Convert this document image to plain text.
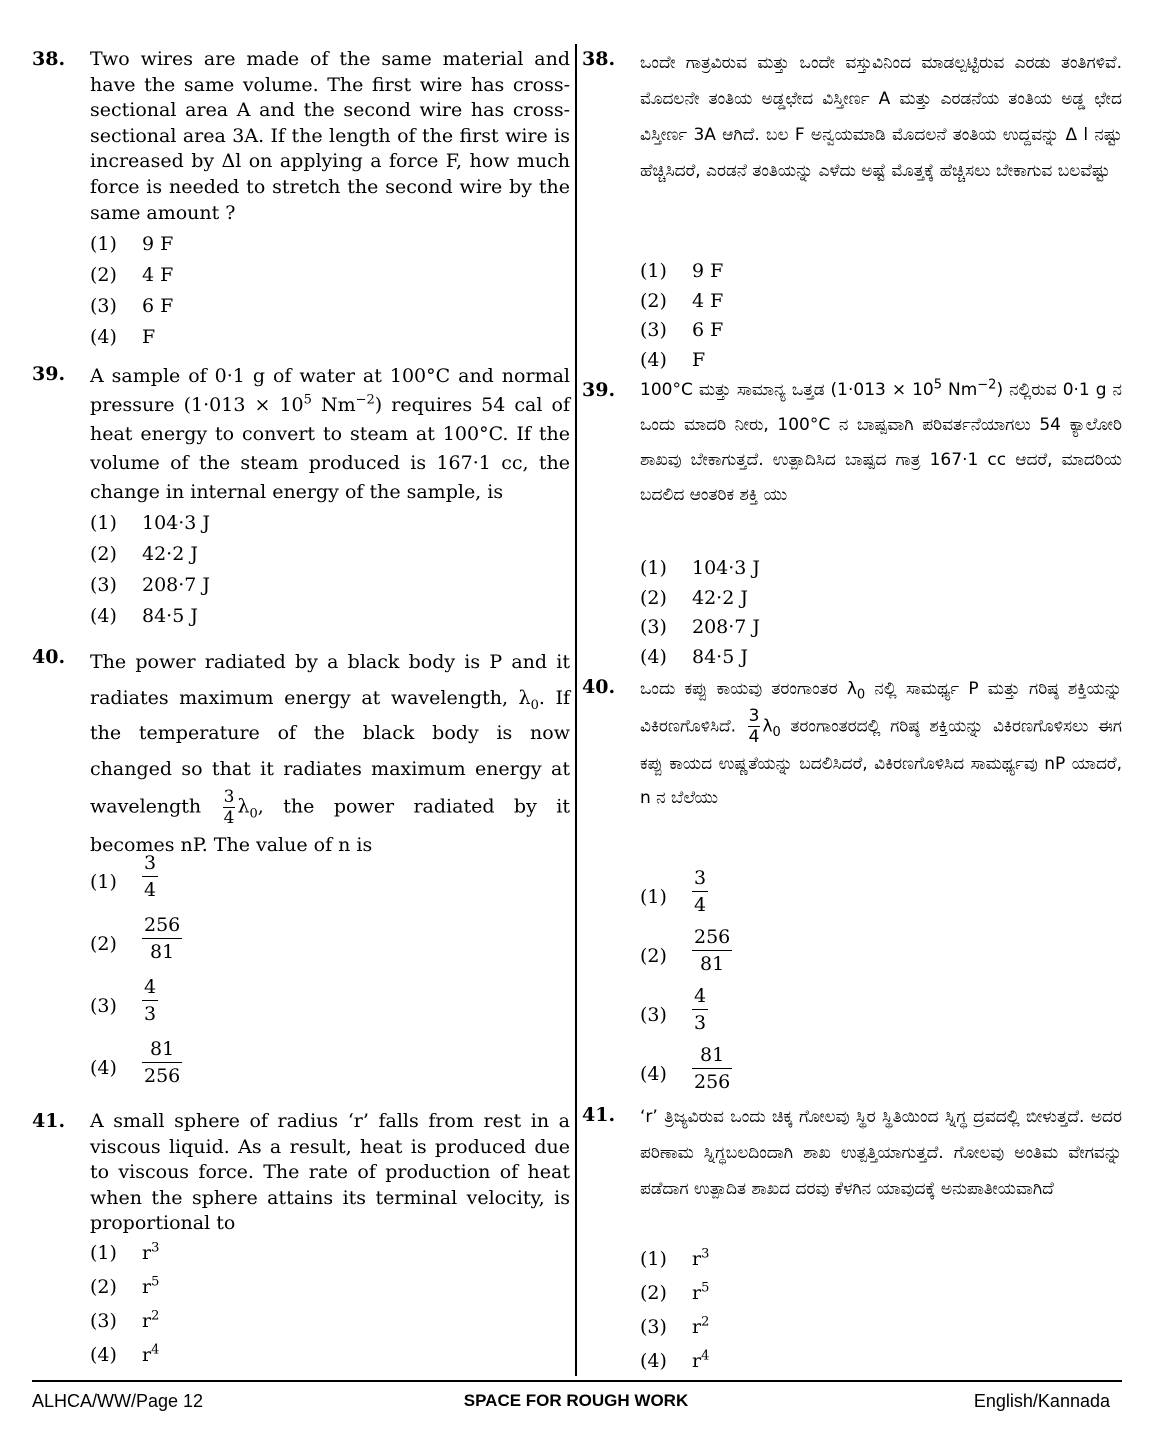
38. Two wires are made of the same material and have the same volume. The first wire has cross-sectional area A and the second wire has cross-sectional area 3A. If the length of the first wire is increased by Δl on applying a force F, how much force is needed to stretch the second wire by the same amount ?
(1)	9 F
(2)	4 F
(3)	6 F
(4)	F
39. A sample of 0·1 g of water at 100°C and normal pressure ($1\cdot 013 \times 10^5$ $Nm^{-2}$) requires 54 cal of heat energy to convert to steam at 100°C. If the volume of the steam produced is 167·1 cc, the change in internal energy of the sample, is
(1)	104·3 J
(2)	42·2 J
(3)	208·7 J
(4)	84·5 J
40. The power radiated by a black body is P and it radiates maximum energy at wavelength, $\lambda_0$. If the temperature of the black body is now changed so that it radiates maximum energy at wavelength $\frac{3}{4} \lambda_0$, the power radiated by it becomes nP. The value of n is
(1)	$\frac{3}{4}$
(2)	$\frac{256}{81}$
(3)	$\frac{4}{3}$
(4)	$\frac{81}{256}$
41. A small sphere of radius ‘r’ falls from rest in a viscous liquid. As a result, heat is produced due to viscous force. The rate of production of heat when the sphere attains its terminal velocity, is proportional to
(1)	$r^3$
(2)	$r^5$
(3)	$r^2$
(4)	$r^4$
38. ಒಂದೇ ಗಾತ್ರವಿರುವ ಮತ್ತು ಒಂದೇ ವಸ್ತುವಿನಿಂದ ಮಾಡಲ್ಪಟ್ಟಿರುವ ಎರಡು ತಂತಿಗಳಿವೆ. ಮೊದಲನೇ ತಂತಿಯ ಅಡ್ಡಛೇದ ವಿಸ್ತೀರ್ಣ A ಮತ್ತು ಎರಡನೆಯ ತಂತಿಯ ಅಡ್ಡ ಛೇದ ವಿಸ್ತೀರ್ಣ 3A ಆಗಿದೆ. ಬಲ F ಅನ್ವಯಮಾಡಿ ಮೊದಲನೆ ತಂತಿಯ ಉದ್ದವನ್ನು Δ l ನಷ್ಟು ಹೆಚ್ಚಿಸಿದರೆ, ಎರಡನೆ ತಂತಿಯನ್ನು ಎಳೆದು ಅಷ್ಟೆ ಮೊತ್ತಕ್ಕೆ ಹೆಚ್ಚಿಸಲು ಬೇಕಾಗುವ ಬಲವೆಷ್ಟು
(1)	9 F
(2)	4 F
(3)	6 F
(4)	F
39. 100°C ಮತ್ತು ಸಾಮಾನ್ಯ ಒತ್ತಡ ($1\cdot 013 \times 10^5$ $Nm^{-2}$) ನಲ್ಲಿರುವ 0·1 g ನ ಒಂದು ಮಾದರಿ ನೀರು, 100°C ನ ಬಾಷ್ಪವಾಗಿ ಪರಿವರ್ತನೆಯಾಗಲು 54 ಕ್ಯಾಲೋರಿ ಶಾಖವು ಬೇಕಾಗುತ್ತದೆ. ಉತ್ಪಾದಿಸಿದ ಬಾಷ್ಪದ ಗಾತ್ರ 167·1 cc ಆದರೆ, ಮಾದರಿಯ ಬದಲಿದ ಆಂತರಿಕ ಶಕ್ತಿ ಯು
(1)	104·3 J
(2)	42·2 J
(3)	208·7 J
(4)	84·5 J
40. ಒಂದು ಕಪ್ಪು ಕಾಯವು ತರಂಗಾಂತರ $\lambda_0$ ನಲ್ಲಿ ಸಾಮರ್ಥ್ಯ P ಮತ್ತು ಗರಿಷ್ಠ ಶಕ್ತಿಯನ್ನು ವಿಕಿರಣಗೊಳಿಸಿದೆ. $\frac{3}{4} \lambda_0$ ತರಂಗಾಂತರದಲ್ಲಿ ಗರಿಷ್ಠ ಶಕ್ತಿಯನ್ನು ವಿಕಿರಣಗೊಳಿಸಲು ಈಗ ಕಪ್ಪು ಕಾಯದ ಉಷ್ಣತೆಯನ್ನು ಬದಲಿಸಿದರೆ, ವಿಕಿರಣಗೊಳಿಸಿದ ಸಾಮರ್ಥ್ಯವು nP ಯಾದರೆ, n ನ ಬೆಲೆಯು
(1)	$\frac{3}{4}$
(2)	$\frac{256}{81}$
(3)	$\frac{4}{3}$
(4)	$\frac{81}{256}$
41. ‘r’ ತ್ರಿಜ್ಯವಿರುವ ಒಂದು ಚಿಕ್ಕ ಗೋಲವು ಸ್ಥಿರ ಸ್ಥಿತಿಯಿಂದ ಸ್ನಿಗ್ಧ ದ್ರವದಲ್ಲಿ ಬೀಳುತ್ತದೆ. ಅದರ ಪರಿಣಾಮ ಸ್ನಿಗ್ಧಬಲದಿಂದಾಗಿ ಶಾಖ ಉತ್ಪತ್ತಿಯಾಗುತ್ತದೆ. ಗೋಲವು ಅಂತಿಮ ವೇಗವನ್ನು ಪಡೆದಾಗ ಉತ್ಪಾದಿತ ಶಾಖದ ದರವು ಕೆಳಗಿನ ಯಾವುದಕ್ಕೆ ಅನುಪಾತೀಯವಾಗಿದೆ
(1)	$r^3$
(2)	$r^5$
(3)	$r^2$
(4)	$r^4$
ALHCA/WW/Page 12	SPACE FOR ROUGH WORK	English/Kannada
